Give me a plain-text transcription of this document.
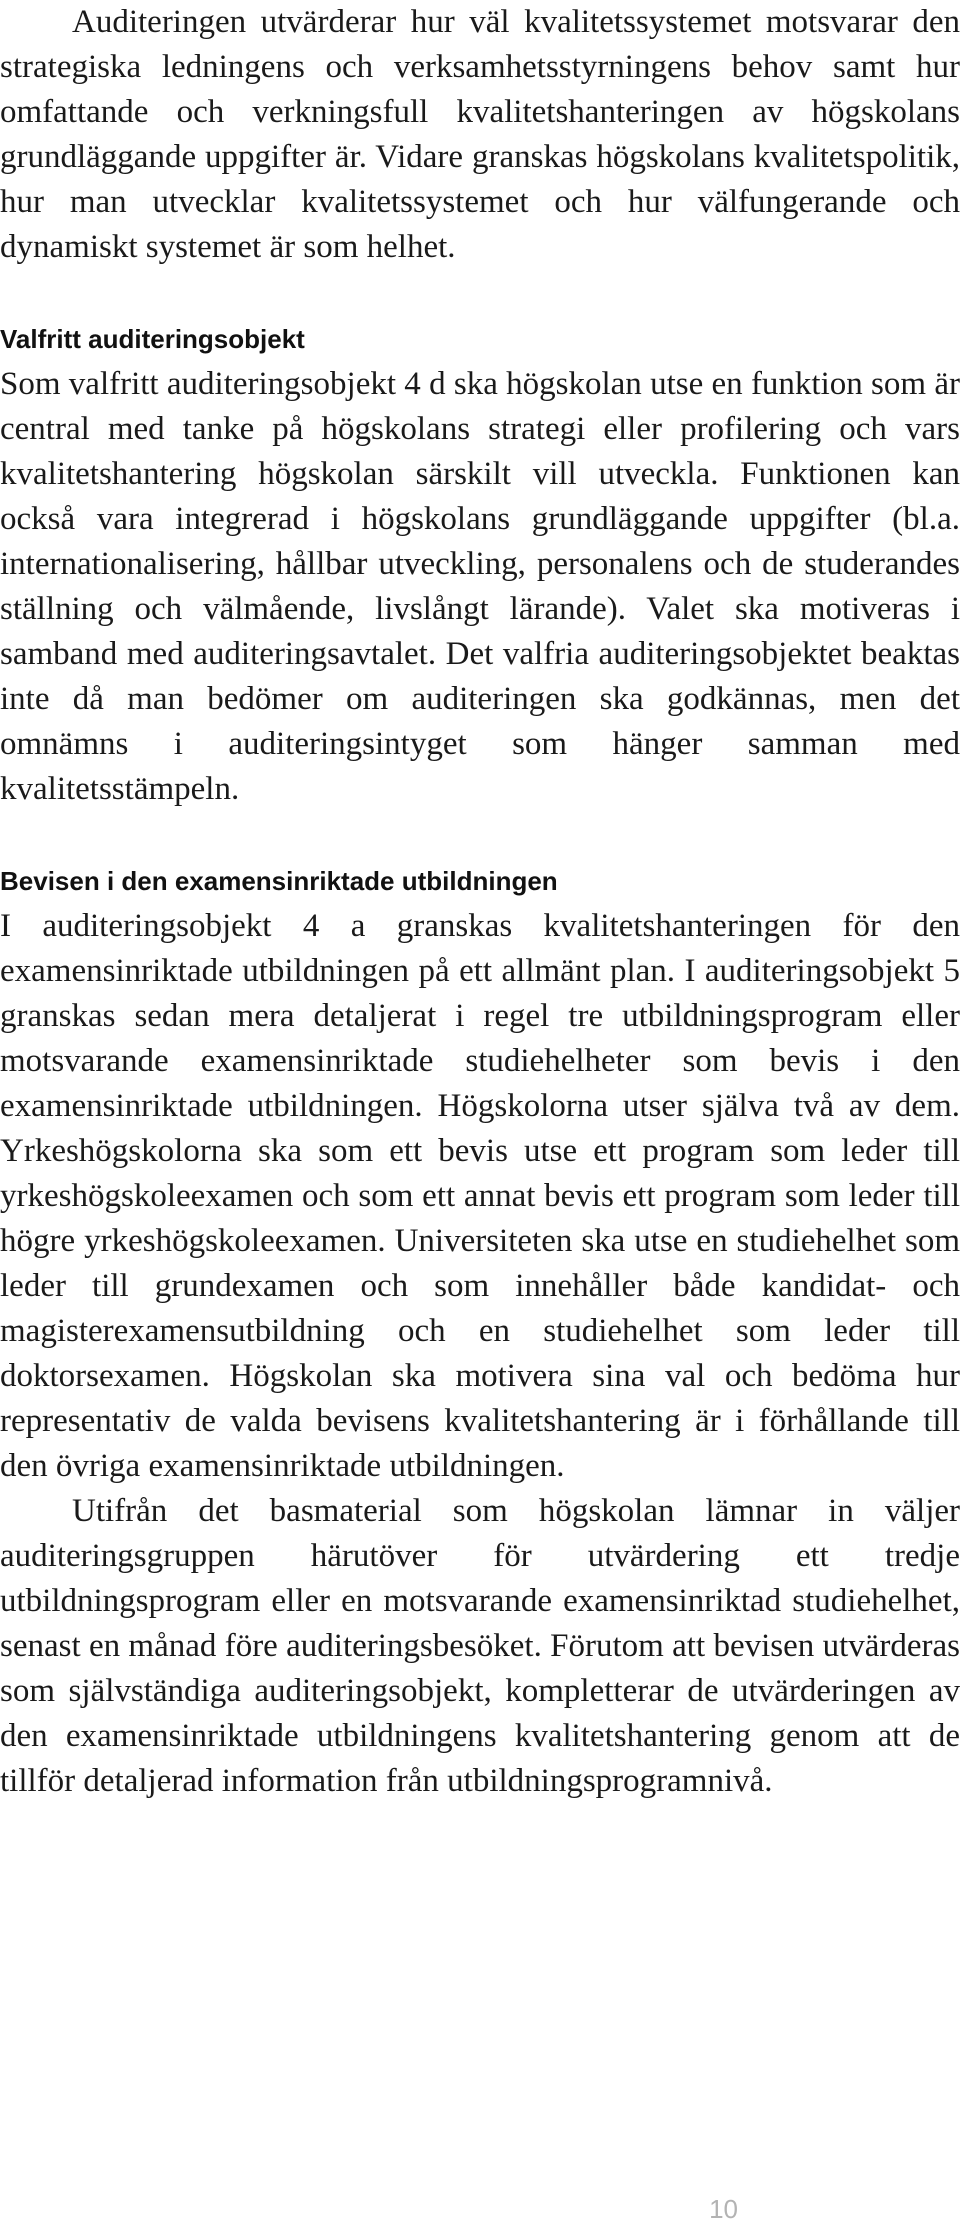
Auditeringen utvärderar hur väl kvalitetssystemet motsvarar den strategiska ledningens och verksamhetsstyrningens behov samt hur omfattande och verkningsfull kvalitetshanteringen av högskolans grundläggande uppgifter är. Vidare granskas högskolans kvalitetspolitik, hur man utvecklar kvalitetssystemet och hur välfungerande och dynamiskt systemet är som helhet.

Valfritt auditeringsobjekt

Som valfritt auditeringsobjekt 4 d ska högskolan utse en funktion som är central med tanke på högskolans strategi eller profilering och vars kvalitetshantering högskolan särskilt vill utveckla. Funktionen kan också vara integrerad i högskolans grundläggande uppgifter (bl.a. internationalisering, hållbar utveckling, personalens och de studerandes ställning och välmående, livslångt lärande). Valet ska motiveras i samband med auditeringsavtalet. Det valfria auditeringsobjektet beaktas inte då man bedömer om auditeringen ska godkännas, men det omnämns i auditeringsintyget som hänger samman med kvalitetsstämpeln.

Bevisen i den examensinriktade utbildningen

I auditeringsobjekt 4 a granskas kvalitetshanteringen för den examensinriktade utbildningen på ett allmänt plan. I auditeringsobjekt 5 granskas sedan mera detaljerat i regel tre utbildningsprogram eller motsvarande examensinriktade studiehelheter som bevis i den examensinriktade utbildningen. Högskolorna utser själva två av dem. Yrkeshögskolorna ska som ett bevis utse ett program som leder till yrkeshögskoleexamen och som ett annat bevis ett program som leder till högre yrkeshögskoleexamen. Universiteten ska utse en studiehelhet som leder till grundexamen och som innehåller både kandidat- och magisterexamensutbildning och en studiehelhet som leder till doktorsexamen. Högskolan ska motivera sina val och bedöma hur representativ de valda bevisens kvalitetshantering är i förhållande till den övriga examensinriktade utbildningen.

Utifrån det basmaterial som högskolan lämnar in väljer auditeringsgruppen härutöver för utvärdering ett tredje utbildningsprogram eller en motsvarande examensinriktad studiehelhet, senast en månad före auditeringsbesöket. Förutom att bevisen utvärderas som självständiga auditeringsobjekt, kompletterar de utvärderingen av den examensinriktade utbildningens kvalitetshantering genom att de tillför detaljerad information från utbildningsprogramnivå.

10
